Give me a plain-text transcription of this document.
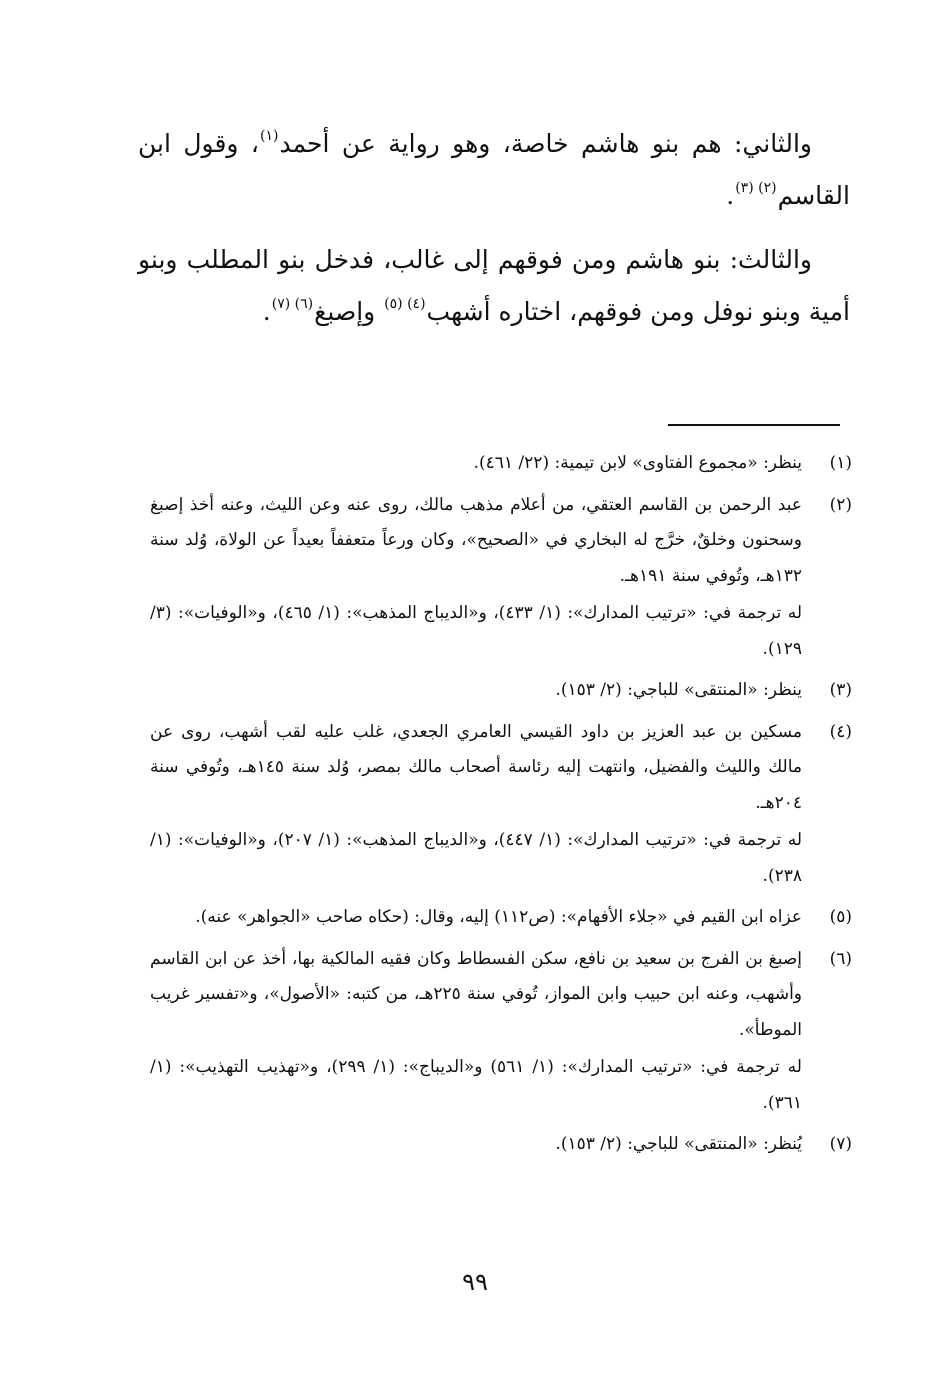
والثاني: هم بنو هاشم خاصة، وهو رواية عن أحمد$^{(١)}$، وقول ابن القاسم$^{(٢) (٣)}$.

والثالث: بنو هاشم ومن فوقهم إلى غالب، فدخل بنو المطلب وبنو أمية وبنو نوفل ومن فوقهم، اختاره أشهب$^{(٤) (٥)}$ وإصبغ$^{(٦) (٧)}$.

(١)

ينظر: «مجموع الفتاوى» لابن تيمية: (٢٢/ ٤٦١).

(٢)

عبد الرحمن بن القاسم العتقي، من أعلام مذهب مالك، روى عنه وعن الليث، وعنه أخذ إصبغ وسحنون وخلقٌ، خرَّج له البخاري في «الصحيح»، وكان ورعاً متعففاً بعيداً عن الولاة، وُلد سنة ١٣٢هـ، وتُوفي سنة ١٩١هـ.

له ترجمة في: «ترتيب المدارك»: (١/ ٤٣٣)، و«الديباج المذهب»: (١/ ٤٦٥)، و«الوفيات»: (٣/ ١٢٩).

(٣)

ينظر: «المنتقى» للباجي: (٢/ ١٥٣).

(٤)

مسكين بن عبد العزيز بن داود القيسي العامري الجعدي، غلب عليه لقب أشهب، روى عن مالك والليث والفضيل، وانتهت إليه رئاسة أصحاب مالك بمصر، وُلد سنة ١٤٥هـ، وتُوفي سنة ٢٠٤هـ.

له ترجمة في: «ترتيب المدارك»: (١/ ٤٤٧)، و«الديباج المذهب»: (١/ ٢٠٧)، و«الوفيات»: (١/ ٢٣٨).

(٥)

عزاه ابن القيم في «جلاء الأفهام»: (ص١١٢) إليه، وقال: (حكاه صاحب «الجواهر» عنه).

(٦)

إصبغ بن الفرج بن سعيد بن نافع، سكن الفسطاط وكان فقيه المالكية بها، أخذ عن ابن القاسم وأشهب، وعنه ابن حبيب وابن المواز، تُوفي سنة ٢٢٥هـ، من كتبه: «الأصول»، و«تفسير غريب الموطأ».

له ترجمة في: «ترتيب المدارك»: (١/ ٥٦١) و«الديباج»: (١/ ٢٩٩)، و«تهذيب التهذيب»: (١/ ٣٦١).

(٧)

يُنظر: «المنتقى» للباجي: (٢/ ١٥٣).

٩٩
